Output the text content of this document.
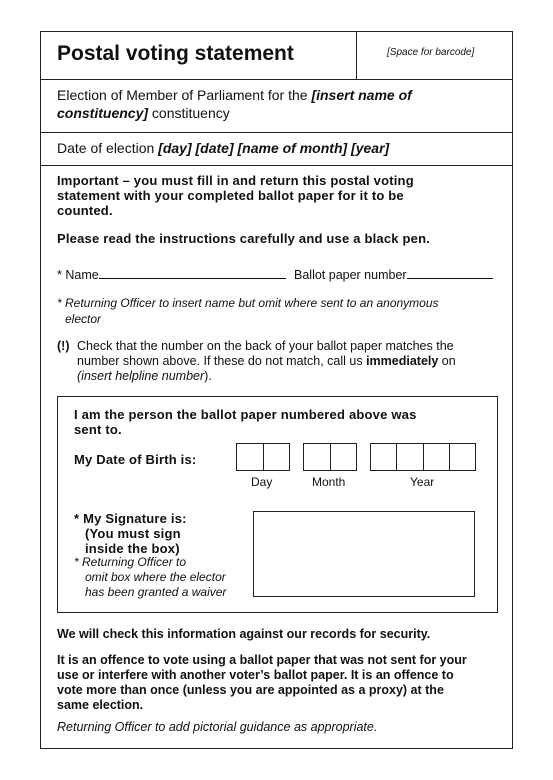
Postal voting statement	[Space for barcode]
Election of Member of Parliament for the [insert name of
constituency] constituency
Date of election [day] [date] [name of month] [year]
Important – you must fill in and return this postal voting
statement with your completed ballot paper for it to be
counted.
Please read the instructions carefully and use a black pen.
* Name	Ballot paper number
* Returning Officer to insert name but omit where sent to an anonymous
elector
(!) Check that the number on the back of your ballot paper matches the
number shown above. If these do not match, call us immediately on
(insert helpline number).
I am the person the ballot paper numbered above was
sent to.
My Date of Birth is:
Day	Month	Year
* My Signature is:
(You must sign
inside the box)
* Returning Officer to
omit box where the elector
has been granted a waiver
We will check this information against our records for security.
It is an offence to vote using a ballot paper that was not sent for your
use or interfere with another voter’s ballot paper. It is an offence to
vote more than once (unless you are appointed as a proxy) at the
same election.
Returning Officer to add pictorial guidance as appropriate.
